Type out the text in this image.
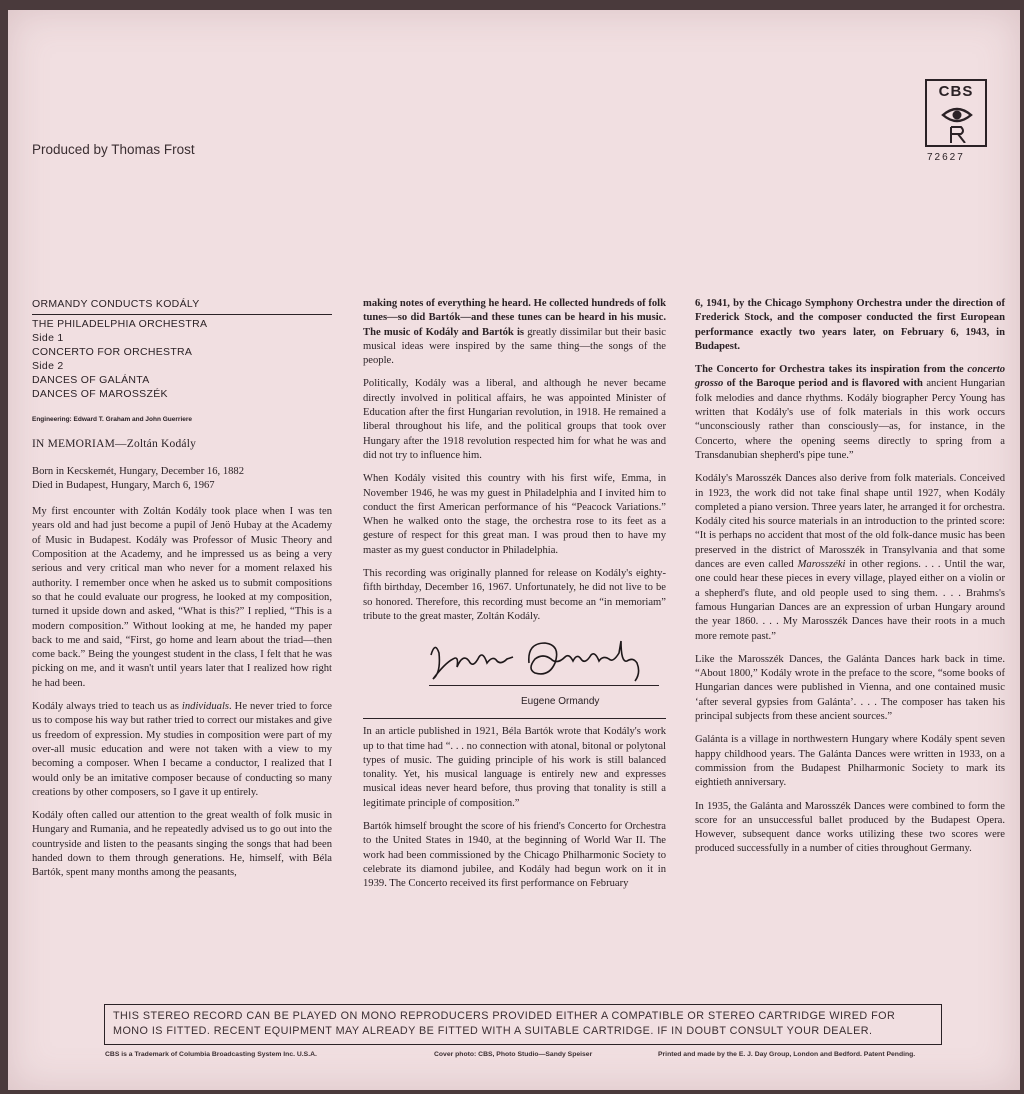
Produced by Thomas Frost
CBS
72627
ORMANDY CONDUCTS KODÁLY
THE PHILADELPHIA ORCHESTRA
Side 1
CONCERTO FOR ORCHESTRA
Side 2
DANCES OF GALÁNTA
DANCES OF MAROSSZÉK
Engineering: Edward T. Graham and John Guerriere
IN MEMORIAM—Zoltán Kodály

Born in Kecskemét, Hungary, December 16, 1882
Died in Budapest, Hungary, March 6, 1967

My first encounter with Zoltán Kodály took place when I was ten years old and had just become a pupil of Jenö Hubay at the Academy of Music in Budapest. Kodály was Professor of Music Theory and Composition at the Academy, and he impressed us as being a very serious and very critical man who never for a moment relaxed his authority. I remember once when he asked us to submit compositions so that he could evaluate our progress, he looked at my composition, turned it upside down and asked, “What is this?” I replied, “This is a modern composition.” Without looking at me, he handed my paper back to me and said, “First, go home and learn about the triad—then come back.” Being the youngest student in the class, I felt that he was picking on me, and it wasn't until years later that I realized how right he had been.

Kodály always tried to teach us as individuals. He never tried to force us to compose his way but rather tried to correct our mistakes and give us freedom of expression. My studies in composition were part of my over-all music education and were not taken with a view to my becoming a composer. When I became a conductor, I realized that I would only be an imitative composer because of conducting so many creations by other composers, so I gave it up entirely.

Kodály often called our attention to the great wealth of folk music in Hungary and Rumania, and he repeatedly advised us to go out into the countryside and listen to the peasants singing the songs that had been handed down to them through generations. He, himself, with Béla Bartók, spent many months among the peasants,

making notes of everything he heard. He collected hundreds of folk tunes—so did Bartók—and these tunes can be heard in his music. The music of Kodály and Bartók is greatly dissimilar but their basic musical ideas were inspired by the same thing—the songs of the people.

Politically, Kodály was a liberal, and although he never became directly involved in political affairs, he was appointed Minister of Education after the first Hungarian revolution, in 1918. He remained a liberal throughout his life, and the political groups that took over Hungary after the 1918 revolution respected him for what he was and did not try to influence him.

When Kodály visited this country with his first wife, Emma, in November 1946, he was my guest in Philadelphia and I invited him to conduct the first American performance of his “Peacock Variations.” When he walked onto the stage, the orchestra rose to its feet as a gesture of respect for this great man. I was proud then to have my master as my guest conductor in Philadelphia.

This recording was originally planned for release on Kodály's eighty-fifth birthday, December 16, 1967. Unfortunately, he did not live to be so honored. Therefore, this recording must become an “in memoriam” tribute to the great master, Zoltán Kodály.

Eugene Ormandy

In an article published in 1921, Béla Bartók wrote that Kodály's work up to that time had “. . . no connection with atonal, bitonal or polytonal types of music. The guiding principle of his work is still balanced tonality. Yet, his musical language is entirely new and expresses musical ideas never heard before, thus proving that tonality is still a legitimate principle of composition.”

Bartók himself brought the score of his friend's Concerto for Orchestra to the United States in 1940, at the beginning of World War II. The work had been commissioned by the Chicago Philharmonic Society to celebrate its diamond jubilee, and Kodály had begun work on it in 1939. The Concerto received its first performance on February

6, 1941, by the Chicago Symphony Orchestra under the direction of Frederick Stock, and the composer conducted the first European performance exactly two years later, on February 6, 1943, in Budapest.

The Concerto for Orchestra takes its inspiration from the concerto grosso of the Baroque period and is flavored with ancient Hungarian folk melodies and dance rhythms. Kodály biographer Percy Young has written that Kodály's use of folk materials in this work occurs “unconsciously rather than consciously—as, for instance, in the Concerto, where the opening seems directly to spring from a Transdanubian shepherd's pipe tune.”

Kodály's Marosszék Dances also derive from folk materials. Conceived in 1923, the work did not take final shape until 1927, when Kodály completed a piano version. Three years later, he arranged it for orchestra. Kodály cited his source materials in an introduction to the printed score: “It is perhaps no accident that most of the old folk-dance music has been preserved in the district of Marosszék in Transylvania and that some dances are even called Marosszéki in other regions. . . . Until the war, one could hear these pieces in every village, played either on a violin or a shepherd's flute, and old people used to sing them. . . . Brahms's famous Hungarian Dances are an expression of urban Hungary around the year 1860. . . . My Marosszék Dances have their roots in a much more remote past.”

Like the Marosszék Dances, the Galánta Dances hark back in time. “About 1800,” Kodály wrote in the preface to the score, “some books of Hungarian dances were published in Vienna, and one contained music ‘after several gypsies from Galánta’. . . . The composer has taken his principal subjects from these ancient sources.”

Galánta is a village in northwestern Hungary where Kodály spent seven happy childhood years. The Galánta Dances were written in 1933, on a commission from the Budapest Philharmonic Society to mark its eightieth anniversary.

In 1935, the Galánta and Marosszék Dances were combined to form the score for an unsuccessful ballet produced by the Budapest Opera. However, subsequent dance works utilizing these two scores were produced successfully in a number of cities throughout Germany.

THIS STEREO RECORD CAN BE PLAYED ON MONO REPRODUCERS PROVIDED EITHER A COMPATIBLE OR STEREO CARTRIDGE WIRED FOR MONO IS FITTED. RECENT EQUIPMENT MAY ALREADY BE FITTED WITH A SUITABLE CARTRIDGE. IF IN DOUBT CONSULT YOUR DEALER.
CBS is a Trademark of Columbia Broadcasting System Inc. U.S.A.	Cover photo: CBS, Photo Studio—Sandy Speiser	Printed and made by the E. J. Day Group, London and Bedford. Patent Pending.
